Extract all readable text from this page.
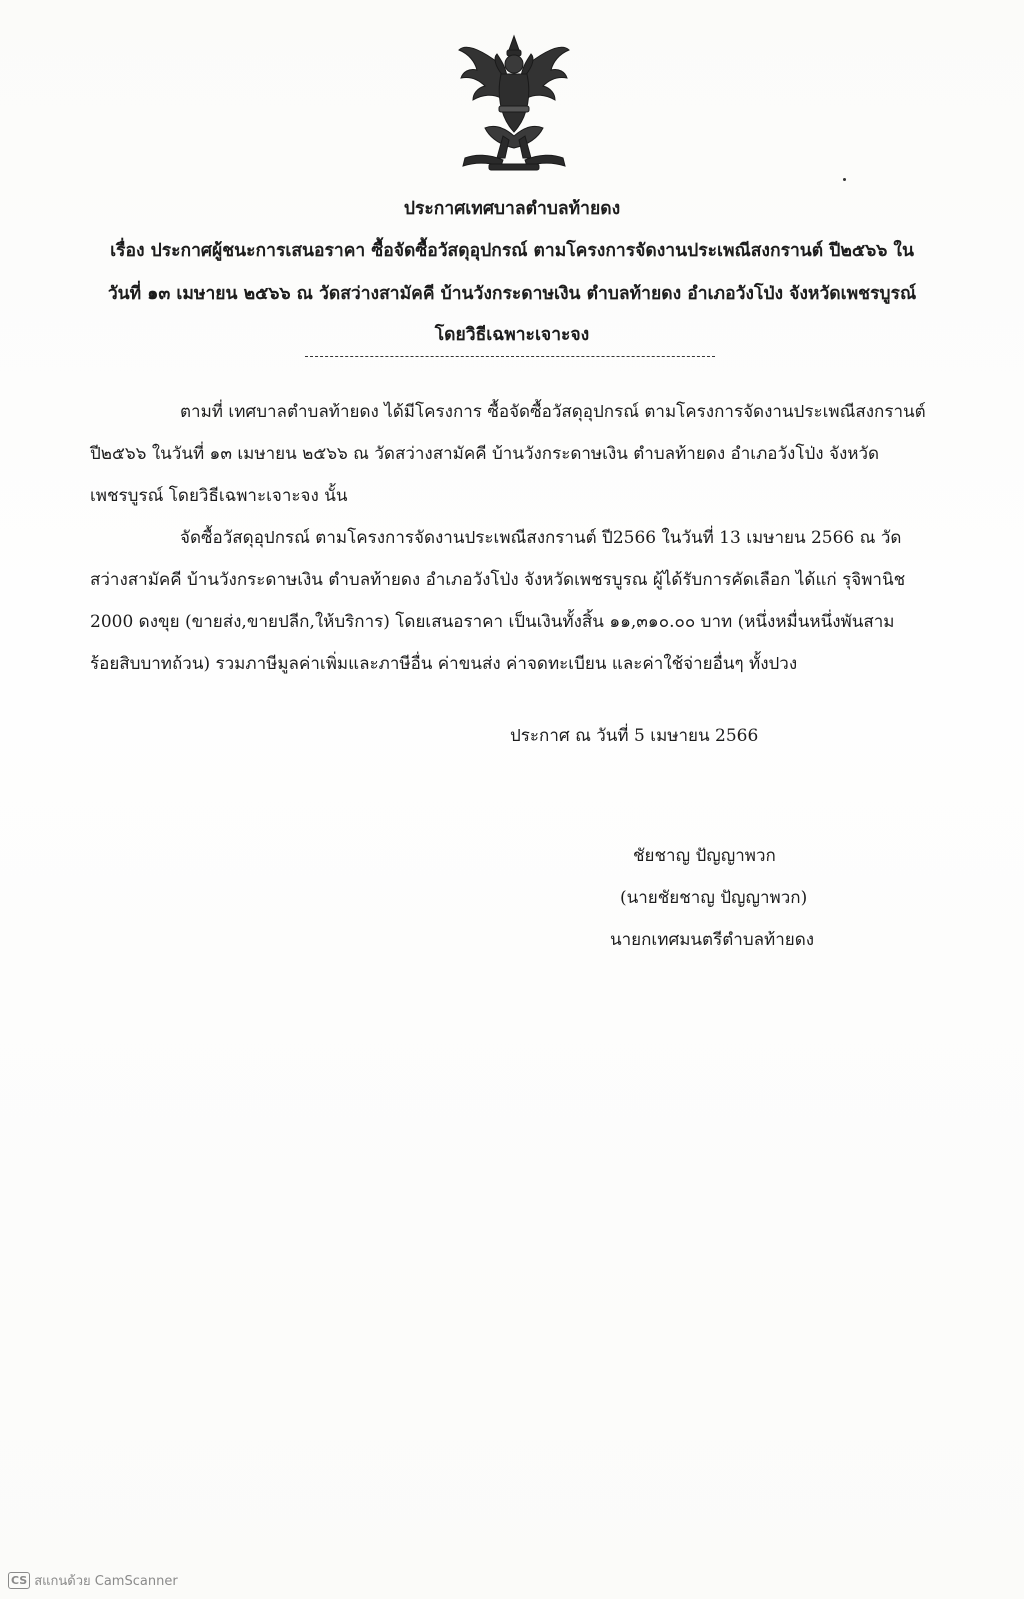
ประกาศเทศบาลตำบลท้ายดง
เรื่อง ประกาศผู้ชนะการเสนอราคา ซื้อจัดซื้อวัสดุอุปกรณ์ ตามโครงการจัดงานประเพณีสงกรานต์ ปี๒๕๖๖ ใน
วันที่ ๑๓ เมษายน ๒๕๖๖ ณ วัดสว่างสามัคคี บ้านวังกระดาษเงิน ตำบลท้ายดง อำเภอวังโป่ง จังหวัดเพชรบูรณ์
โดยวิธีเฉพาะเจาะจง
ตามที่ เทศบาลตำบลท้ายดง ได้มีโครงการ ซื้อจัดซื้อวัสดุอุปกรณ์ ตามโครงการจัดงานประเพณีสงกรานต์
ปี๒๕๖๖ ในวันที่ ๑๓ เมษายน ๒๕๖๖ ณ วัดสว่างสามัคคี บ้านวังกระดาษเงิน ตำบลท้ายดง อำเภอวังโป่ง จังหวัด
เพชรบูรณ์ โดยวิธีเฉพาะเจาะจง นั้น
จัดซื้อวัสดุอุปกรณ์ ตามโครงการจัดงานประเพณีสงกรานต์ ปี2566 ในวันที่ 13 เมษายน 2566 ณ วัด
สว่างสามัคคี บ้านวังกระดาษเงิน ตำบลท้ายดง อำเภอวังโป่ง จังหวัดเพชรบูรณ ผู้ได้รับการคัดเลือก ได้แก่ รุจิพานิช
2000 ดงขุย (ขายส่ง,ขายปลีก,ให้บริการ) โดยเสนอราคา เป็นเงินทั้งสิ้น ๑๑,๓๑๐.๐๐ บาท (หนึ่งหมื่นหนึ่งพันสาม
ร้อยสิบบาทถ้วน) รวมภาษีมูลค่าเพิ่มและภาษีอื่น ค่าขนส่ง ค่าจดทะเบียน และค่าใช้จ่ายอื่นๆ ทั้งปวง
ประกาศ ณ วันที่ 5 เมษายน 2566
ชัยชาญ ปัญญาพวก
(นายชัยชาญ ปัญญาพวก)
นายกเทศมนตรีตำบลท้ายดง
CS สแกนด้วย CamScanner
